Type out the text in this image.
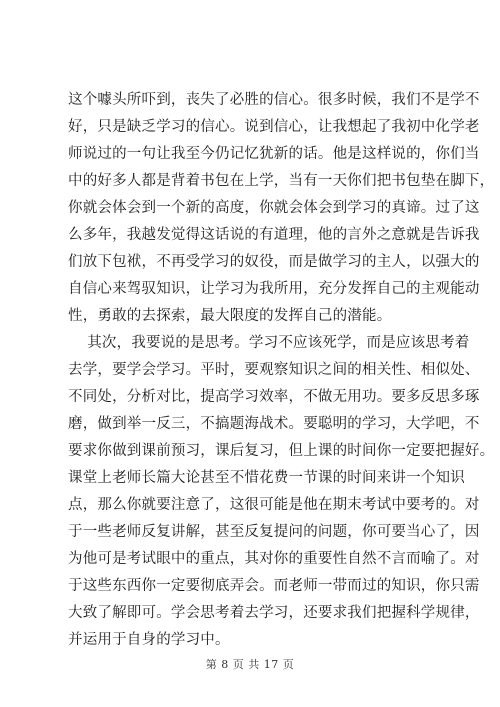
这个噱头所吓到，丧失了必胜的信心。很多时候，我们不是学不
好，只是缺乏学习的信心。说到信心，让我想起了我初中化学老
师说过的一句让我至今仍记忆犹新的话。他是这样说的，你们当
中的好多人都是背着书包在上学，当有一天你们把书包垫在脚下，
你就会体会到一个新的高度，你就会体会到学习的真谛。过了这
么多年，我越发觉得这话说的有道理，他的言外之意就是告诉我
们放下包袱，不再受学习的奴役，而是做学习的主人，以强大的
自信心来驾驭知识，让学习为我所用，充分发挥自己的主观能动
性，勇敢的去探索，最大限度的发挥自己的潜能。
其次，我要说的是思考。学习不应该死学，而是应该思考着
去学，要学会学习。平时，要观察知识之间的相关性、相似处、
不同处，分析对比，提高学习效率，不做无用功。要多反思多琢
磨，做到举一反三，不搞题海战术。要聪明的学习，大学吧，不
要求你做到课前预习，课后复习，但上课的时间你一定要把握好。
课堂上老师长篇大论甚至不惜花费一节课的时间来讲一个知识
点，那么你就要注意了，这很可能是他在期末考试中要考的。对
于一些老师反复讲解，甚至反复提问的问题，你可要当心了，因
为他可是考试眼中的重点，其对你的重要性自然不言而喻了。对
于这些东西你一定要彻底弄会。而老师一带而过的知识，你只需
大致了解即可。学会思考着去学习，还要求我们把握科学规律，
并运用于自身的学习中。
第 8 页 共 17 页
